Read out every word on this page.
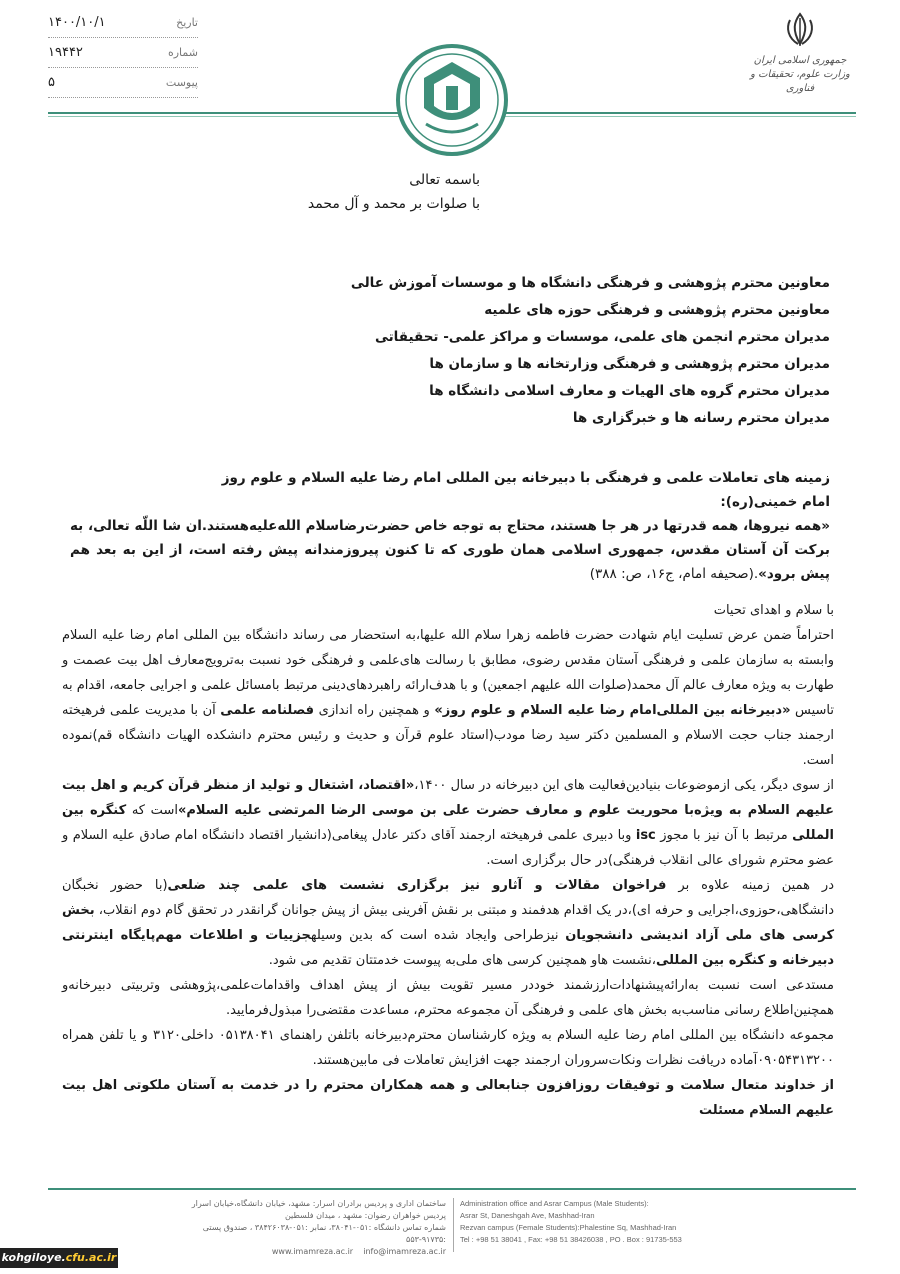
۱۴۰۰/۱۰/۱	تاریخ
۱۹۴۴۲	شماره
۵	پیوست
جمهوری اسلامی ایران
وزارت علوم، تحقیقات و فناوری
باسمه تعالی
با صلوات بر محمد و آل محمد
معاونین محترم پژوهشی و فرهنگی دانشگاه ها و موسسات آموزش عالی
معاونین محترم پژوهشی و فرهنگی حوزه های علمیه
مدیران محترم انجمن های علمی، موسسات و مراکز علمی- تحقیقاتی
مدیران محترم پژوهشی و فرهنگی وزارتخانه ها و سازمان ها
مدیران محترم گروه های الهیات و معارف اسلامی دانشگاه ها
مدیران محترم رسانه ها و خبرگزاری ها
زمینه های تعاملات علمی و فرهنگی با دبیرخانه بین المللی امام رضا علیه السلام و علوم روز
امام خمینی(ره):
«همه نیروها، همه قدرتها در هر جا هستند، محتاج به توجه خاص حضرت‌رضاسلام الله‌علیه‌هستند.ان شا اللّه تعالی، به برکت آن آستان مقدس، جمهوری اسلامی همان طوری که تا کنون پیروزمندانه پیش رفته است، از این به بعد هم پیش برود».(صحیفه امام، ج۱۶، ص: ۳۸۸)

با سلام و اهدای تحیات

احتراماً ضمن عرض تسلیت ایام شهادت حضرت فاطمه زهرا سلام الله علیها،به استحضار می رساند دانشگاه بین المللی امام رضا علیه السلام وابسته به سازمان علمی و فرهنگی آستان مقدس رضوی، مطابق با رسالت های‌علمی و فرهنگی خود نسبت به‌ترویج‌معارف اهل بیت عصمت و طهارت به ویژه معارف عالم آل محمد(صلوات الله علیهم اجمعین) و با هدف‌ارائه راهبردهای‌دینی مرتبط بامسائل علمی و اجرایی جامعه، اقدام به تاسیس «دبیرخانه بین المللی‌امام رضا علیه السلام و علوم روز» و همچنین راه اندازی فصلنامه علمی آن با مدیریت علمی فرهیخته ارجمند جناب حجت الاسلام و المسلمین دکتر سید رضا مودب(استاد علوم قرآن و حدیث و رئیس محترم دانشکده الهیات دانشگاه قم)نموده است.

از سوی دیگر، یکی ازموضوعات بنیادین‌فعالیت های این دبیرخانه در سال ۱۴۰۰،«اقتصاد، اشتغال و تولید از منظر قرآن کریم و اهل بیت علیهم السلام به ویژه‌با محوریت علوم و معارف حضرت علی بن موسی الرضا المرتضی علیه السلام»است که کنگره بین المللی مرتبط با آن نیز با مجوز isc وبا دبیری علمی فرهیخته ارجمند آقای دکتر عادل پیغامی(دانشیار اقتصاد دانشگاه امام صادق علیه السلام و عضو محترم شورای عالی انقلاب فرهنگی)در حال برگزاری است.

در همین زمینه علاوه بر فراخوان مقالات و آثارو نیز برگزاری نشست های علمی چند ضلعی(با حضور نخبگان دانشگاهی،حوزوی،اجرایی و حرفه ای)،در یک اقدام هدفمند و مبتنی بر نقش آفرینی بیش از پیش جوانان گرانقدر در تحقق گام دوم انقلاب، بخش کرسی های ملی آزاد اندیشی دانشجویان نیزطراحی وایجاد شده است که بدین وسیلهجزییات و اطلاعات مهم‌پایگاه اینترنتی دبیرخانه و کنگره بین المللی،نشست هاو همچنین کرسی های ملی‌به پیوست خدمتتان تقدیم می شود.

مستدعی است نسبت به‌ارائه‌پیشنهادات‌ارزشمند خوددر مسیر تقویت بیش از پیش اهداف واقدامات‌علمی،پژوهشی وتربیتی دبیرخانه‌و همچنین‌اطلاع رسانی مناسب‌به بخش های علمی و فرهنگی آن مجموعه محترم، مساعدت مقتضی‌را مبذول‌فرمایید.

مجموعه دانشگاه بین المللی امام رضا علیه السلام به ویژه کارشناسان محترم‌دبیرخانه باتلفن راهنمای ۰۵۱۳۸۰۴۱ داخلی۳۱۲۰ و یا تلفن همراه ۰۹۰۵۴۳۱۳۲۰۰آماده دریافت نظرات ونکات‌سروران ارجمند جهت افزایش تعاملات فی مابین‌هستند.

از خداوند متعال سلامت و توفیقات روزافزون جنابعالی و همه همکاران محترم را در خدمت به آستان ملکوتی اهل بیت علیهم السلام مسئلت

Administration office and Asrar Campus (Male Students):
Asrar St, Daneshgah Ave, Mashhad-Iran
Rezvan campus (Female Students):Phalestine Sq, Mashhad-Iran
Tel : +98 51 38041 , Fax: +98 51 38426038 , PO . Box : 91735-553
ساختمان اداری و پردیس برادران اسرار: مشهد، خیابان دانشگاه،خیابان اسرار
پردیس خواهران رضوان: مشهد ، میدان فلسطین
شماره تماس دانشگاه :۰۵۱-۳۸۰۴۱، نمابر :۰۵۱-۳۸۴۲۶۰۳۸ ، صندوق پستی :۹۱۷۳۵-۵۵۳
www.imamreza.ac.ir info@imamreza.ac.ir
kohgiloye.cfu.ac.ir
